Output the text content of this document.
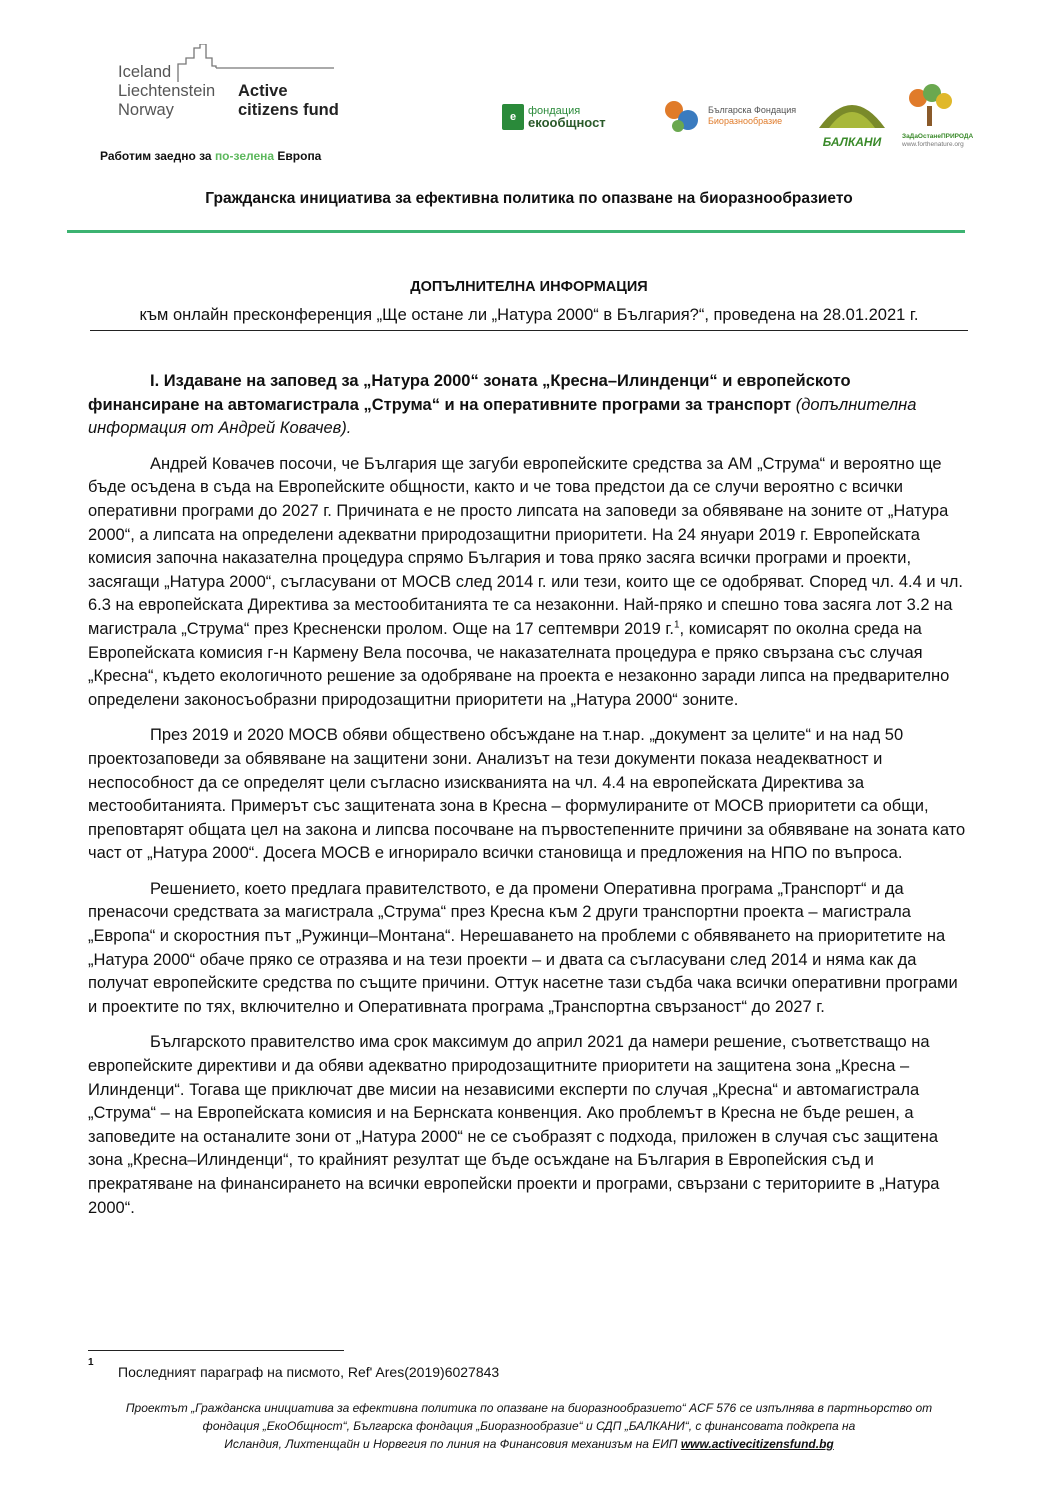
Iceland
Liechtenstein
Norway
Active
citizens fund
Работим заедно за по-зелена Европа
e	фондация
екообщност
Българска Фондация
Биоразнообразие
БАЛКАНИ	ЗаДаОстанеПРИРОДА
www.forthenature.org
Гражданска инициатива за ефективна политика по опазване на биоразнообразието
ДОПЪЛНИТЕЛНА ИНФОРМАЦИЯ
към онлайн пресконференция „Ще остане ли „Натура 2000“ в България?“, проведена на 28.01.2021 г.

I. Издаване на заповед за „Натура 2000“ зоната „Кресна–Илинденци“ и европейското финансиране на автомагистрала „Струма“ и на оперативните програми за транспорт (допълнителна информация от Андрей Ковачев).

Андрей Ковачев посочи, че България ще загуби европейските средства за АМ „Струма“ и вероятно ще бъде осъдена в съда на Европейските общности, както и че това предстои да се случи вероятно с всички оперативни програми до 2027 г. Причината е не просто липсата на заповеди за обявяване на зоните от „Натура 2000“, а липсата на определени адекватни природозащитни приоритети. На 24 януари 2019 г. Европейската комисия започна наказателна процедура спрямо България и това пряко засяга всички програми и проекти, засягащи „Натура 2000“, съгласувани от МОСВ след 2014 г. или тези, които ще се одобряват. Според чл. 4.4 и чл. 6.3 на европейската Директива за местообитанията те са незаконни. Най-пряко и спешно това засяга лот 3.2 на магистрала „Струма“ през Кресненски пролом. Още на 17 септември 2019 г.$^1$, комисарят по околна среда на Европейската комисия г-н Кармену Вела посочва, че наказателната процедура е пряко свързана със случая „Кресна“, където екологичното решение за одобряване на проекта е незаконно заради липса на предварително определени законосъобразни природозащитни приоритети на „Натура 2000“ зоните.

През 2019 и 2020 МОСВ обяви обществено обсъждане на т.нар. „документ за целите“ и на над 50 проектозаповеди за обявяване на защитени зони. Анализът на тези документи показа неадекватност и неспособност да се определят цели съгласно изискванията на чл. 4.4 на европейската Директива за местообитанията. Примерът със защитената зона в Кресна – формулираните от МОСВ приоритети са общи, преповтарят общата цел на закона и липсва посочване на първостепенните причини за обявяване на зоната като част от „Натура 2000“. Досега МОСВ е игнорирало всички становища и предложения на НПО по въпроса.

Решението, което предлага правителството, е да промени Оперативна програма „Транспорт“ и да пренасочи средствата за магистрала „Струма“ през Кресна към 2 други транспортни проекта – магистрала „Европа“ и скоростния път „Ружинци–Монтана“. Нерешаването на проблеми с обявяването на приоритетите на „Натура 2000“ обаче пряко се отразява и на тези проекти – и двата са съгласувани след 2014 и няма как да получат европейските средства по същите причини. Оттук насетне тази съдба чака всички оперативни програми и проектите по тях, включително и Оперативната програма „Транспортна свързаност“ до 2027 г.

Българското правителство има срок максимум до април 2021 да намери решение, съответстващо на европейските директиви и да обяви адекватно природозащитните приоритети на защитена зона „Кресна – Илинденци“. Тогава ще приключат две мисии на независими експерти по случая „Кресна“ и автомагистрала „Струма“ – на Европейската комисия и на Бернската конвенция. Ако проблемът в Кресна не бъде решен, а заповедите на останалите зони от „Натура 2000“ не се съобразят с подхода, приложен в случая със защитена зона „Кресна–Илинденци“, то крайният резултат ще бъде осъждане на България в Европейския съд и прекратяване на финансирането на всички европейски проекти и програми, свързани с териториите в „Натура 2000“.

1
Последният параграф на писмото, Ref' Ares(2019)6027843
Проектът „Гражданска инициатива за ефективна политика по опазване на биоразнообразието“ ACF 576 се изпълнява в партньорство от
фондация „ЕкоОбщност“, Българска фондация „Биоразнообразие“ и СДП „БАЛКАНИ“, с финансовата подкрепа на
Исландия, Лихтенщайн и Норвегия по линия на Финансовия механизъм на ЕИП www.activecitizensfund.bg
